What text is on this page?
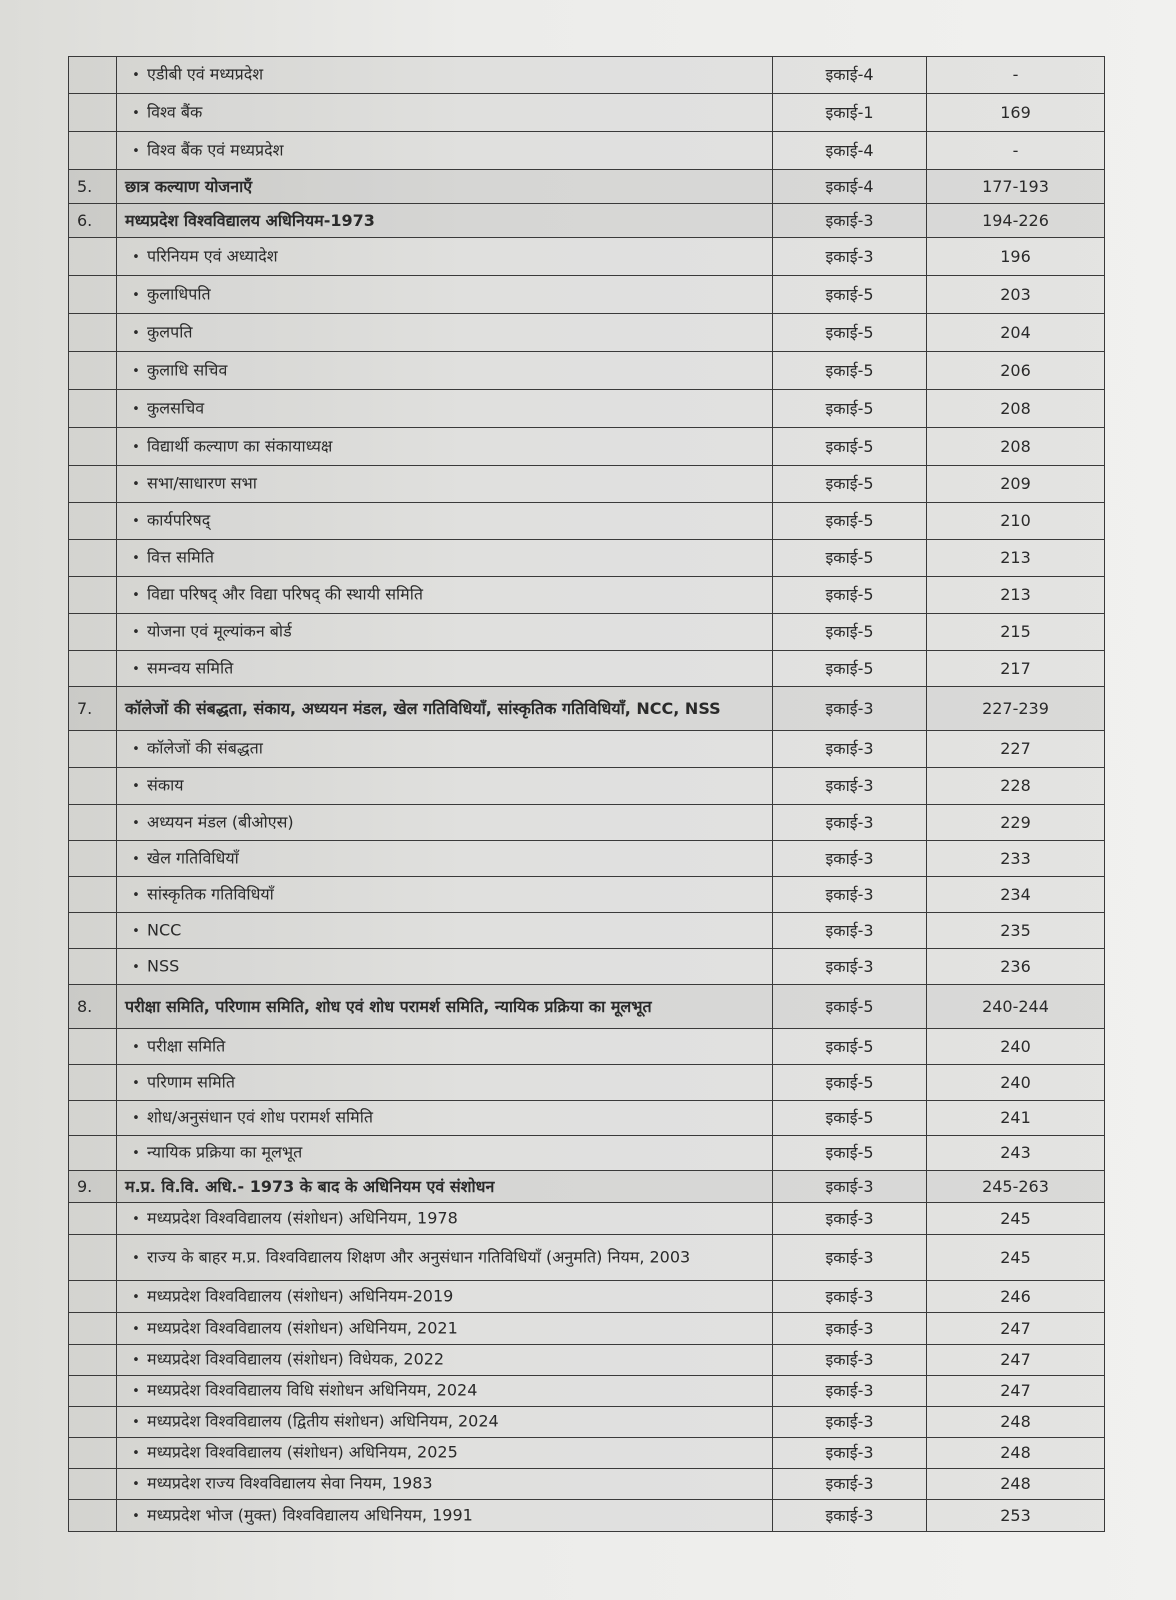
	• एडीबी एवं मध्यप्रदेश	इकाई-4	-
	• विश्व बैंक	इकाई-1	169
	• विश्व बैंक एवं मध्यप्रदेश	इकाई-4	-
5.	छात्र कल्याण योजनाएँ	इकाई-4	177-193
6.	मध्यप्रदेश विश्वविद्यालय अधिनियम-1973	इकाई-3	194-226
	• परिनियम एवं अध्यादेश	इकाई-3	196
	• कुलाधिपति	इकाई-5	203
	• कुलपति	इकाई-5	204
	• कुलाधि सचिव	इकाई-5	206
	• कुलसचिव	इकाई-5	208
	• विद्यार्थी कल्याण का संकायाध्यक्ष	इकाई-5	208
	• सभा/साधारण सभा	इकाई-5	209
	• कार्यपरिषद्	इकाई-5	210
	• वित्त समिति	इकाई-5	213
	• विद्या परिषद् और विद्या परिषद् की स्थायी समिति	इकाई-5	213
	• योजना एवं मूल्यांकन बोर्ड	इकाई-5	215
	• समन्वय समिति	इकाई-5	217
7.	कॉलेजों की संबद्धता, संकाय, अध्ययन मंडल, खेल गतिविधियाँ, सांस्कृतिक गतिविधियाँ, NCC, NSS	इकाई-3	227-239
	• कॉलेजों की संबद्धता	इकाई-3	227
	• संकाय	इकाई-3	228
	• अध्ययन मंडल (बीओएस)	इकाई-3	229
	• खेल गतिविधियाँ	इकाई-3	233
	• सांस्कृतिक गतिविधियाँ	इकाई-3	234
	• NCC	इकाई-3	235
	• NSS	इकाई-3	236
8.	परीक्षा समिति, परिणाम समिति, शोध एवं शोध परामर्श समिति, न्यायिक प्रक्रिया का मूलभूत	इकाई-5	240-244
	• परीक्षा समिति	इकाई-5	240
	• परिणाम समिति	इकाई-5	240
	• शोध/अनुसंधान एवं शोध परामर्श समिति	इकाई-5	241
	• न्यायिक प्रक्रिया का मूलभूत	इकाई-5	243
9.	म.प्र. वि.वि. अधि.- 1973 के बाद के अधिनियम एवं संशोधन	इकाई-3	245-263
	• मध्यप्रदेश विश्वविद्यालय (संशोधन) अधिनियम, 1978	इकाई-3	245
	• राज्य के बाहर म.प्र. विश्वविद्यालय शिक्षण और अनुसंधान गतिविधियाँ (अनुमति) नियम, 2003	इकाई-3	245
	• मध्यप्रदेश विश्वविद्यालय (संशोधन) अधिनियम-2019	इकाई-3	246
	• मध्यप्रदेश विश्वविद्यालय (संशोधन) अधिनियम, 2021	इकाई-3	247
	• मध्यप्रदेश विश्वविद्यालय (संशोधन) विधेयक, 2022	इकाई-3	247
	• मध्यप्रदेश विश्वविद्यालय विधि संशोधन अधिनियम, 2024	इकाई-3	247
	• मध्यप्रदेश विश्वविद्यालय (द्वितीय संशोधन) अधिनियम, 2024	इकाई-3	248
	• मध्यप्रदेश विश्वविद्यालय (संशोधन) अधिनियम, 2025	इकाई-3	248
	• मध्यप्रदेश राज्य विश्वविद्यालय सेवा नियम, 1983	इकाई-3	248
	• मध्यप्रदेश भोज (मुक्त) विश्वविद्यालय अधिनियम, 1991	इकाई-3	253
